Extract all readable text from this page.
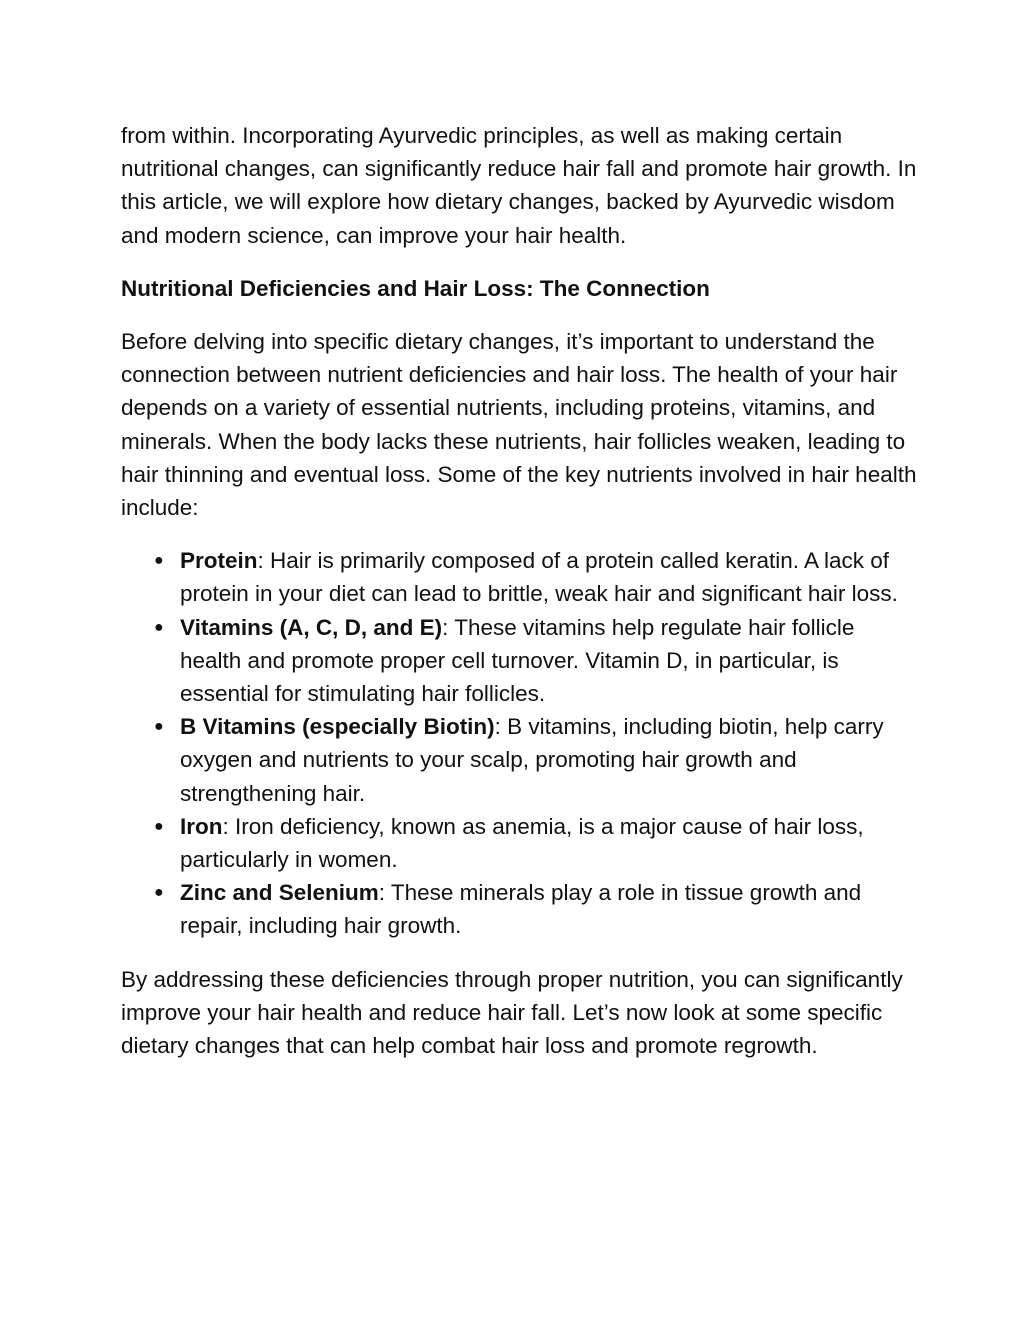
from within. Incorporating Ayurvedic principles, as well as making certain nutritional changes, can significantly reduce hair fall and promote hair growth. In this article, we will explore how dietary changes, backed by Ayurvedic wisdom and modern science, can improve your hair health.

Nutritional Deficiencies and Hair Loss: The Connection

Before delving into specific dietary changes, it’s important to understand the connection between nutrient deficiencies and hair loss. The health of your hair depends on a variety of essential nutrients, including proteins, vitamins, and minerals. When the body lacks these nutrients, hair follicles weaken, leading to hair thinning and eventual loss. Some of the key nutrients involved in hair health include:

● Protein: Hair is primarily composed of a protein called keratin. A lack of protein in your diet can lead to brittle, weak hair and significant hair loss.
● Vitamins (A, C, D, and E): These vitamins help regulate hair follicle health and promote proper cell turnover. Vitamin D, in particular, is essential for stimulating hair follicles.
● B Vitamins (especially Biotin): B vitamins, including biotin, help carry oxygen and nutrients to your scalp, promoting hair growth and strengthening hair.
● Iron: Iron deficiency, known as anemia, is a major cause of hair loss, particularly in women.
● Zinc and Selenium: These minerals play a role in tissue growth and repair, including hair growth.

By addressing these deficiencies through proper nutrition, you can significantly improve your hair health and reduce hair fall. Let’s now look at some specific dietary changes that can help combat hair loss and promote regrowth.
